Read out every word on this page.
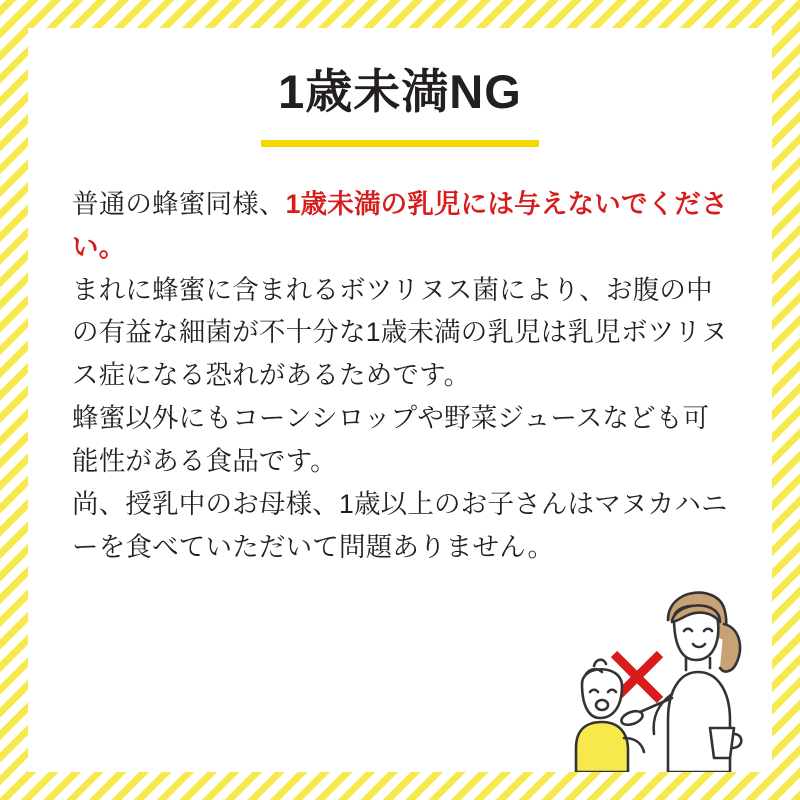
1歳未満NG

普通の蜂蜜同様、1歳未満の乳児には与えないでください。

まれに蜂蜜に含まれるボツリヌス菌により、お腹の中の有益な細菌が不十分な1歳未満の乳児は乳児ボツリヌス症になる恐れがあるためです。

蜂蜜以外にもコーンシロップや野菜ジュースなども可能性がある食品です。

尚、授乳中のお母様、1歳以上のお子さんはマヌカハニーを食べていただいて問題ありません。
